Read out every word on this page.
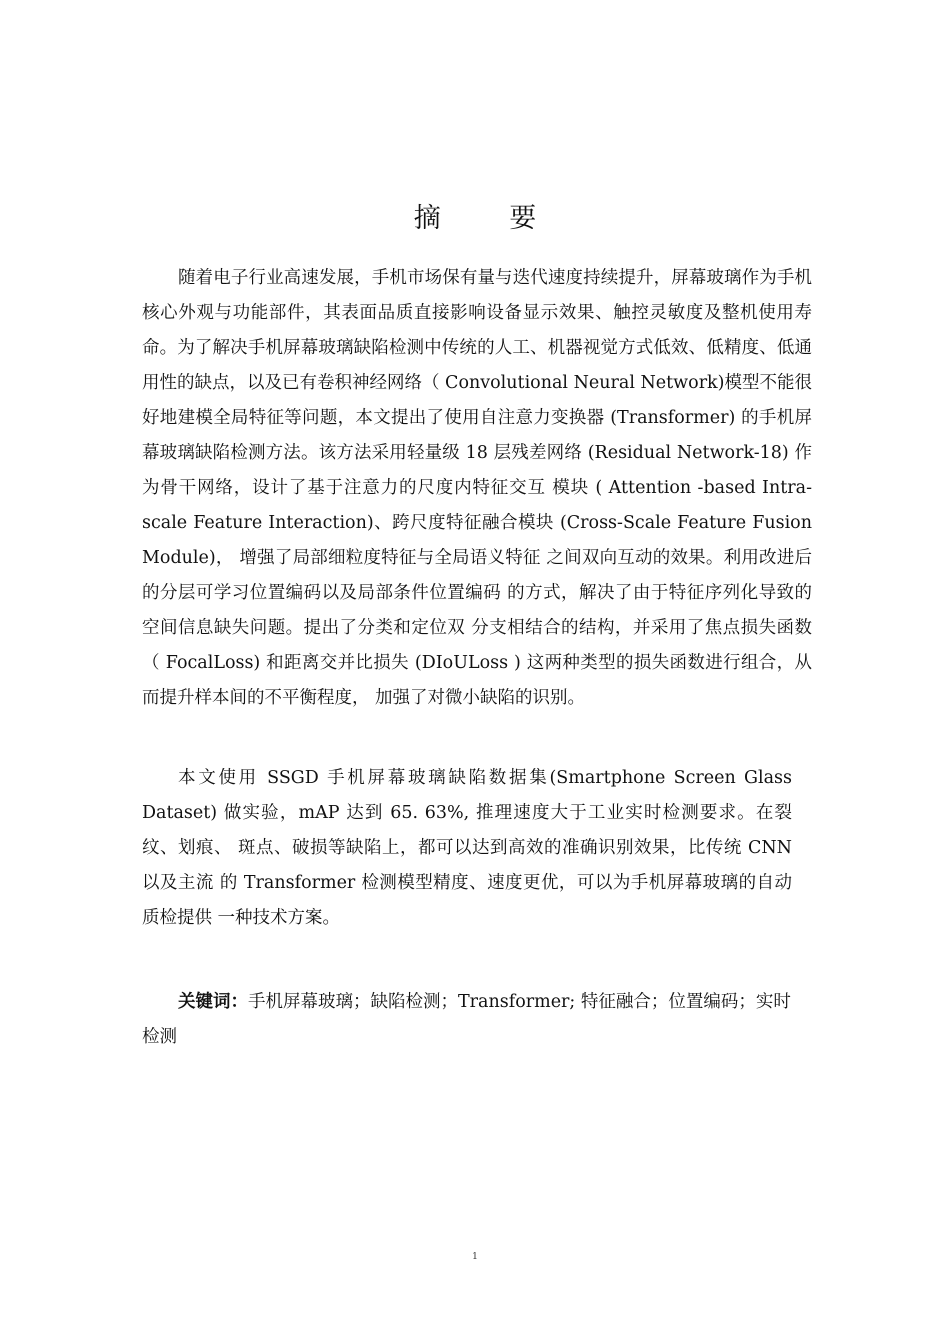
摘 要

随着电子行业高速发展，手机市场保有量与迭代速度持续提升，屏幕玻璃作为手机核心外观与功能部件，其表面品质直接影响设备显示效果、触控灵敏度及整机使用寿命。为了解决手机屏幕玻璃缺陷检测中传统的人工、机器视觉方式低效、低精度、低通用性的缺点，以及已有卷积神经网络（ Convolutional Neural Network)模型不能很好地建模全局特征等问题，本文提出了使用自注意力变换器 (Transformer) 的手机屏幕玻璃缺陷检测方法。该方法采用轻量级 18 层残差网络 (Residual Network-18) 作为骨干网络，设计了基于注意力的尺度内特征交互 模块 ( Attention -based Intra-scale Feature Interaction)、跨尺度特征融合模块 (Cross-Scale Feature Fusion Module)， 增强了局部细粒度特征与全局语义特征 之间双向互动的效果。利用改进后的分层可学习位置编码以及局部条件位置编码 的方式，解决了由于特征序列化导致的空间信息缺失问题。提出了分类和定位双 分支相结合的结构，并采用了焦点损失函数 （ FocalLoss) 和距离交并比损失 (DIoULoss ) 这两种类型的损失函数进行组合，从而提升样本间的不平衡程度， 加强了对微小缺陷的识别。

本文使用 SSGD 手机屏幕玻璃缺陷数据集(Smartphone Screen Glass Dataset) 做实验，mAP 达到 65. 63%, 推理速度大于工业实时检测要求。在裂纹、划痕、 斑点、破损等缺陷上，都可以达到高效的准确识别效果，比传统 CNN 以及主流 的 Transformer 检测模型精度、速度更优，可以为手机屏幕玻璃的自动质检提供 一种技术方案。

关键词：手机屏幕玻璃；缺陷检测；Transformer; 特征融合；位置编码；实时检测
1
